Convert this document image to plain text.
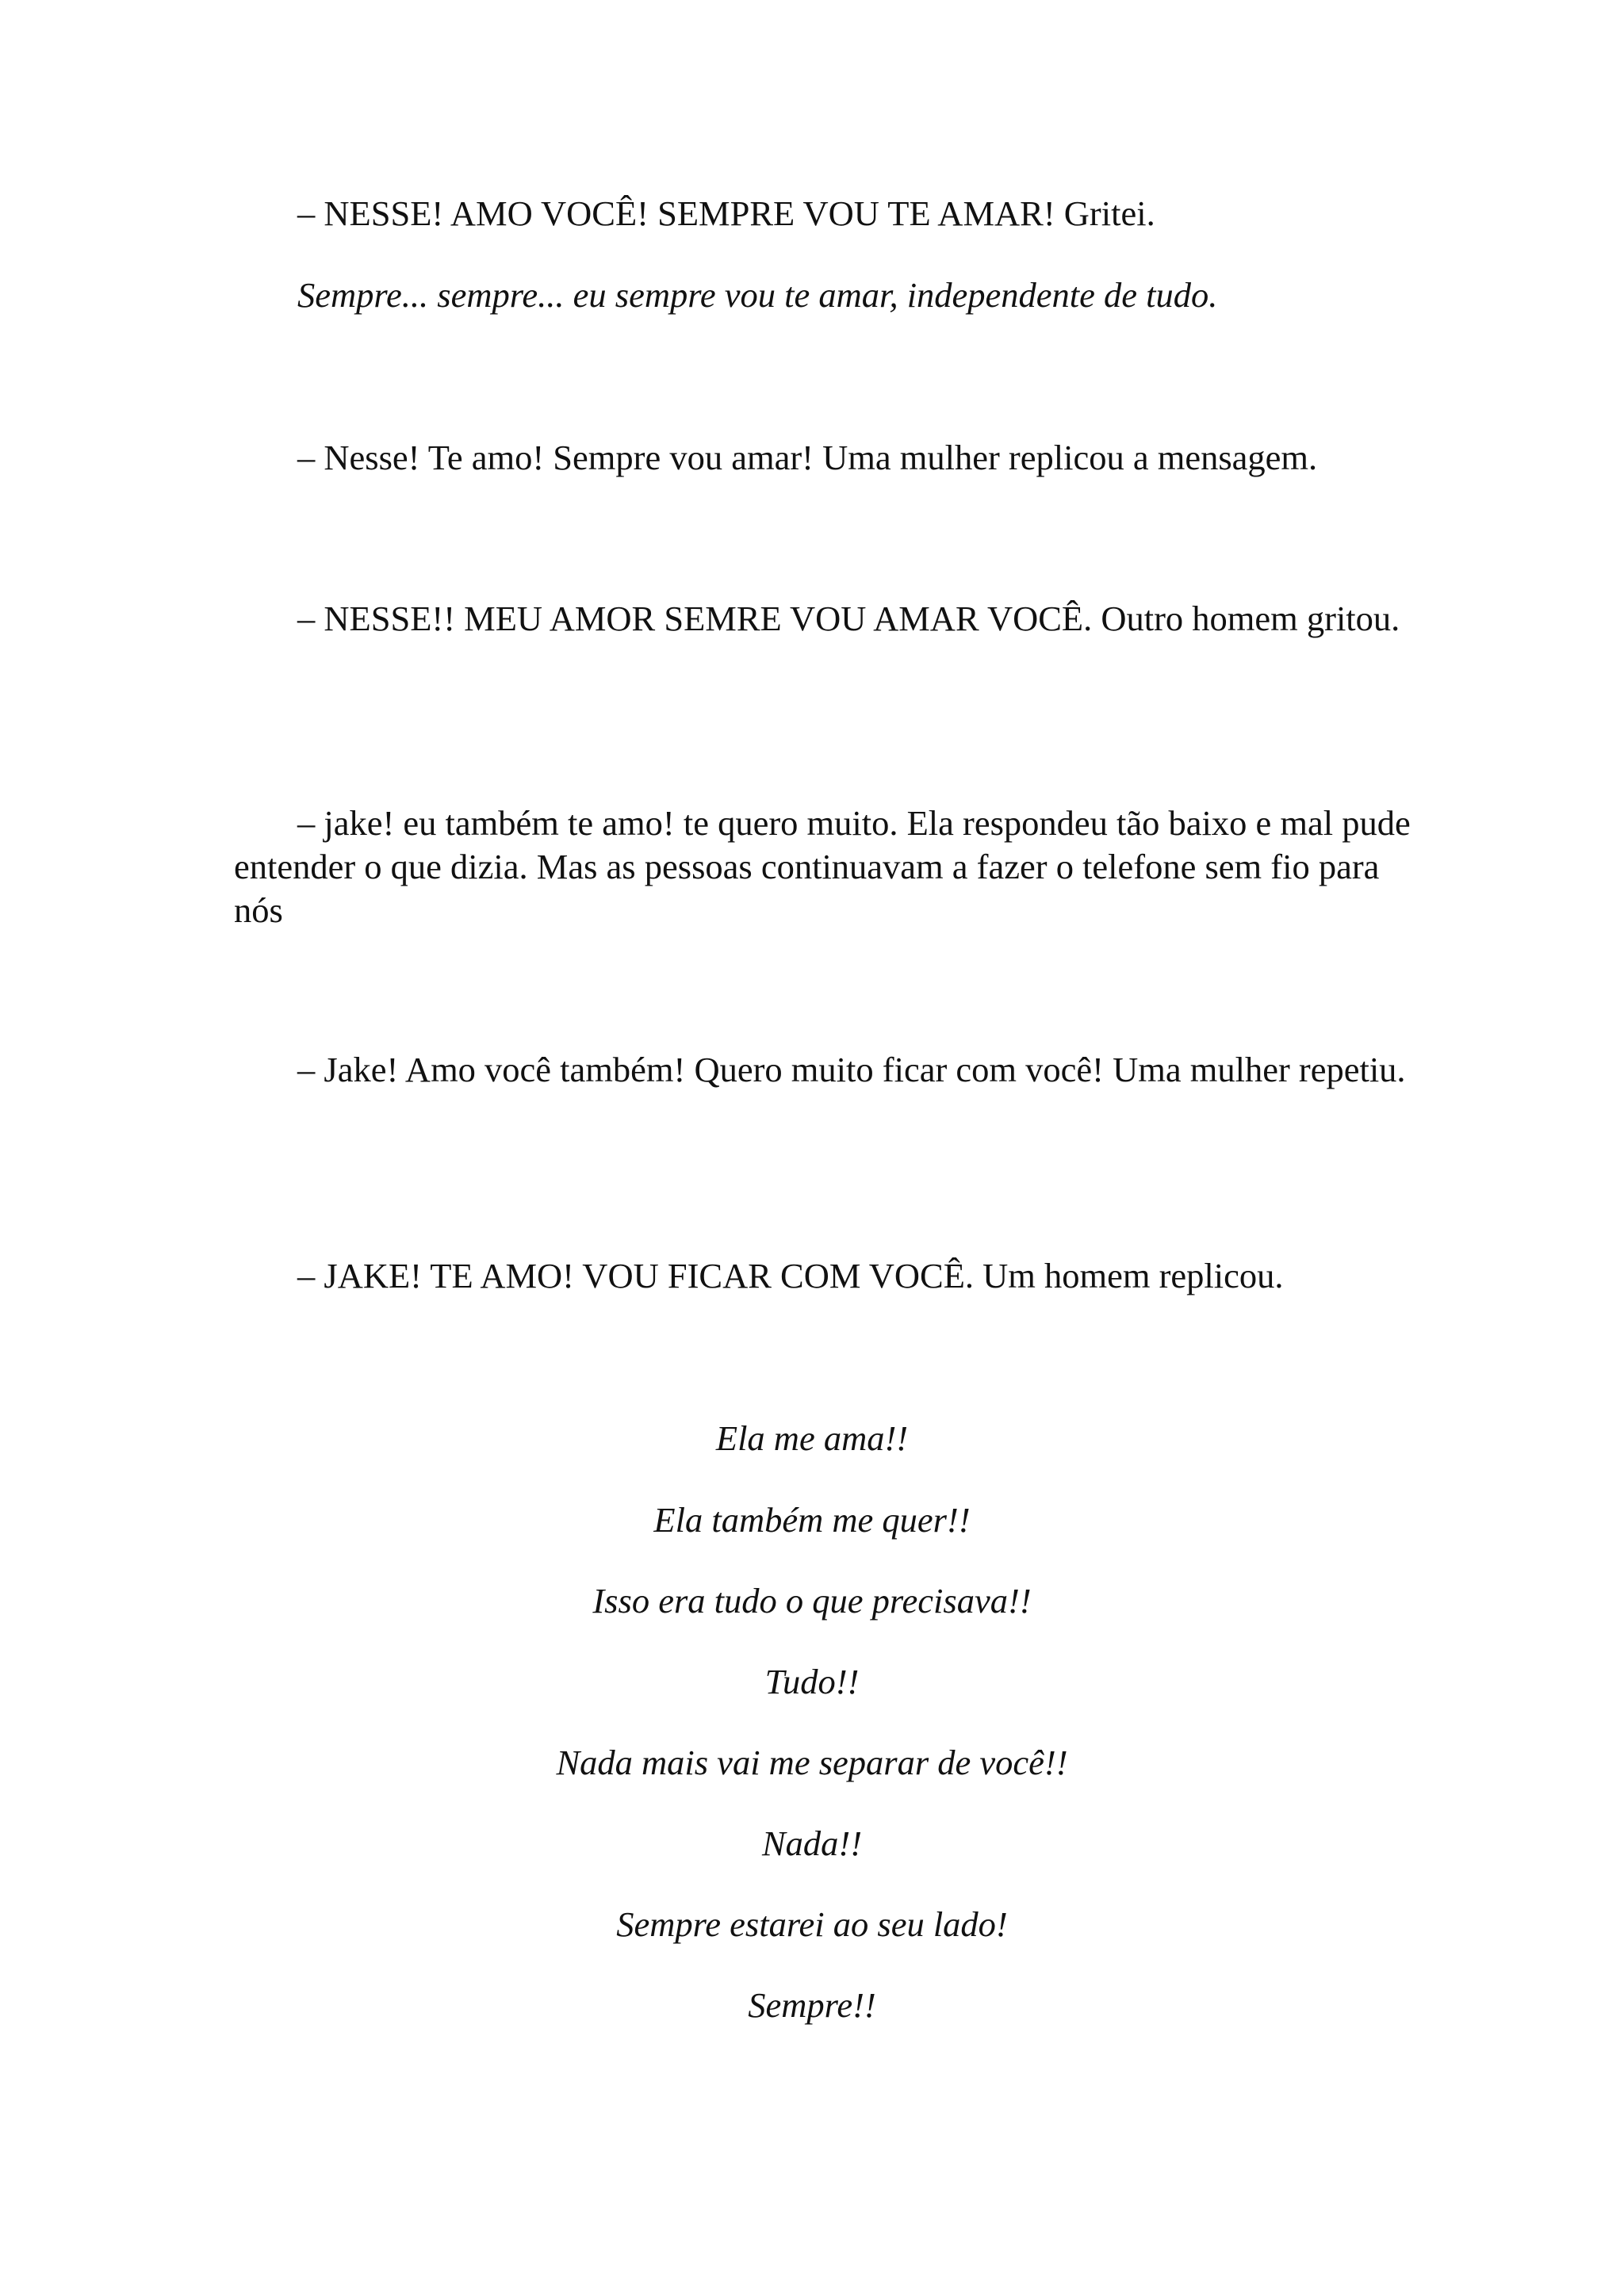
– NESSE! AMO VOCÊ! SEMPRE VOU TE AMAR! Gritei.

Sempre... sempre... eu sempre vou te amar, independente de tudo.

– Nesse! Te amo! Sempre vou amar! Uma mulher replicou a mensagem.

– NESSE!! MEU AMOR SEMRE VOU AMAR VOCÊ. Outro homem gritou.

– jake! eu também te amo! te quero muito. Ela respondeu tão baixo e mal pude entender o que dizia. Mas as pessoas continuavam a fazer o telefone sem fio para nós

– Jake! Amo você também! Quero muito ficar com você! Uma mulher repetiu.

– JAKE! TE AMO! VOU FICAR COM VOCÊ. Um homem replicou.

Ela me ama!!

Ela também me quer!!

Isso era tudo o que precisava!!

Tudo!!

Nada mais vai me separar de você!!

Nada!!

Sempre estarei ao seu lado!

Sempre!!
